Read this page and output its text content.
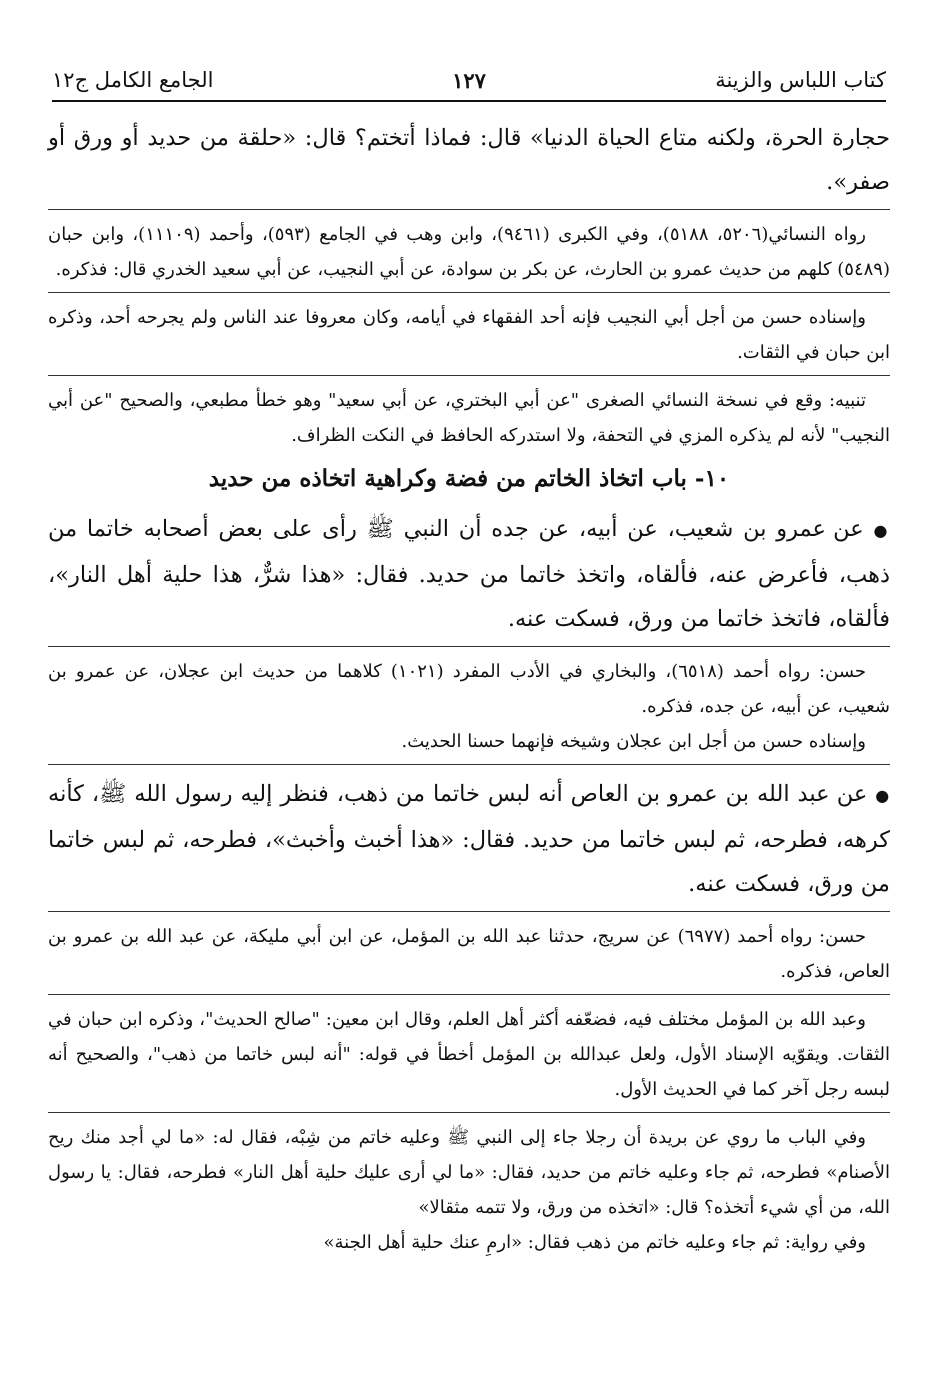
كتاب اللباس والزينة
١٢٧
الجامع الكامل ج١٢

حجارة الحرة، ولكنه متاع الحياة الدنيا» قال: فماذا أتختم؟ قال: «حلقة من حديد أو ورق أو صفر».

رواه النسائي(٥٢٠٦، ٥١٨٨)، وفي الكبرى (٩٤٦١)، وابن وهب في الجامع (٥٩٣)، وأحمد (١١١٠٩)، وابن حبان (٥٤٨٩) كلهم من حديث عمرو بن الحارث، عن بكر بن سوادة، عن أبي النجيب، عن أبي سعيد الخدري قال: فذكره.

وإسناده حسن من أجل أبي النجيب فإنه أحد الفقهاء في أيامه، وكان معروفا عند الناس ولم يجرحه أحد، وذكره ابن حبان في الثقات.

تنبيه: وقع في نسخة النسائي الصغرى "عن أبي البختري، عن أبي سعيد" وهو خطأ مطبعي، والصحيح "عن أبي النجيب" لأنه لم يذكره المزي في التحفة، ولا استدركه الحافظ في النكت الظراف.

١٠- باب اتخاذ الخاتم من فضة وكراهية اتخاذه من حديد

● عن عمرو بن شعيب، عن أبيه، عن جده أن النبي ﷺ رأى على بعض أصحابه خاتما من ذهب، فأعرض عنه، فألقاه، واتخذ خاتما من حديد. فقال: «هذا شرٌّ، هذا حلية أهل النار»، فألقاه، فاتخذ خاتما من ورق، فسكت عنه.

حسن: رواه أحمد (٦٥١٨)، والبخاري في الأدب المفرد (١٠٢١) كلاهما من حديث ابن عجلان، عن عمرو بن شعيب، عن أبيه، عن جده، فذكره.

وإسناده حسن من أجل ابن عجلان وشيخه فإنهما حسنا الحديث.

● عن عبد الله بن عمرو بن العاص أنه لبس خاتما من ذهب، فنظر إليه رسول الله ﷺ، كأنه كرهه، فطرحه، ثم لبس خاتما من حديد. فقال: «هذا أخبث وأخبث»، فطرحه، ثم لبس خاتما من ورق، فسكت عنه.

حسن: رواه أحمد (٦٩٧٧) عن سريج، حدثنا عبد الله بن المؤمل، عن ابن أبي مليكة، عن عبد الله بن عمرو بن العاص، فذكره.

وعبد الله بن المؤمل مختلف فيه، فضعّفه أكثر أهل العلم، وقال ابن معين: "صالح الحديث"، وذكره ابن حبان في الثقات. ويقوّيه الإسناد الأول، ولعل عبدالله بن المؤمل أخطأ في قوله: "أنه لبس خاتما من ذهب"، والصحيح أنه لبسه رجل آخر كما في الحديث الأول.

وفي الباب ما روي عن بريدة أن رجلا جاء إلى النبي ﷺ وعليه خاتم من شِبْه، فقال له: «ما لي أجد منك ريح الأصنام» فطرحه، ثم جاء وعليه خاتم من حديد، فقال: «ما لي أرى عليك حلية أهل النار» فطرحه، فقال: يا رسول الله، من أي شيء أتخذه؟ قال: «اتخذه من ورق، ولا تتمه مثقالا»

وفي رواية: ثم جاء وعليه خاتم من ذهب فقال: «ارمِ عنك حلية أهل الجنة»
